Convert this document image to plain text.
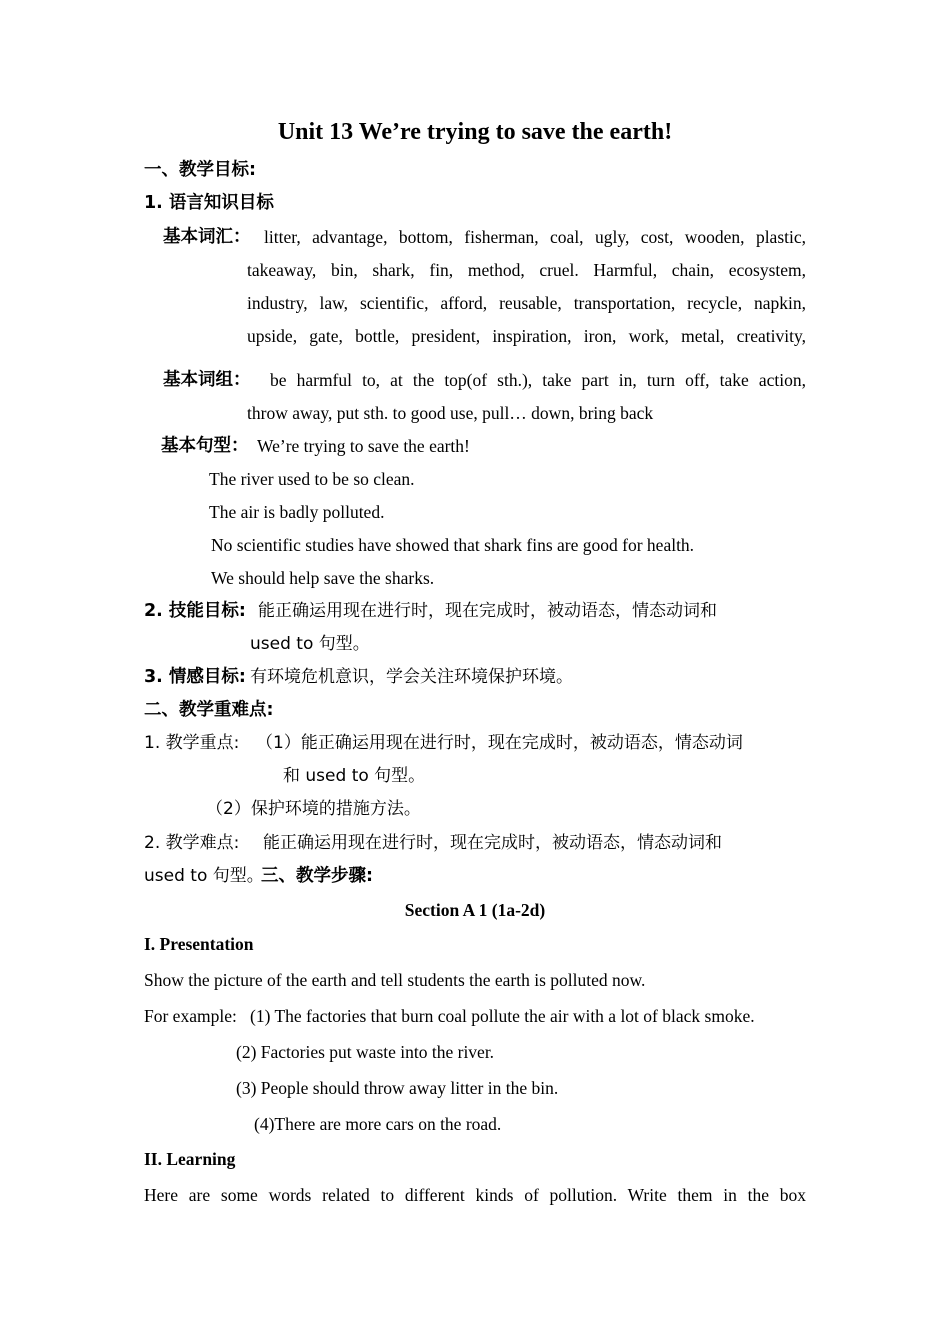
Unit 13 We’re trying to save the earth!
一、教学目标:
1. 语言知识目标
基本词汇： litter, advantage, bottom, fisherman, coal, ugly, cost, wooden, plastic,
takeaway, bin, shark, fin, method, cruel. Harmful, chain, ecosystem,
industry, law, scientific, afford, reusable, transportation, recycle, napkin,
upside, gate, bottle, president, inspiration, iron, work, metal, creativity,
基本词组： be harmful to, at the top(of sth.), take part in, turn off, take action,
throw away, put sth. to good use, pull… down, bring back
基本句型： We’re trying to save the earth!
The river used to be so clean.
The air is badly polluted.
No scientific studies have showed that shark fins are good for health.
We should help save the sharks.
2. 技能目标: 能正确运用现在进行时，现在完成时，被动语态，情态动词和
used to 句型。
3. 情感目标: 有环境危机意识，学会关注环境保护环境。
二、教学重难点:
1. 教学重点: （1）能正确运用现在进行时，现在完成时，被动语态，情态动词
和 used to 句型。
（2）保护环境的措施方法。
2. 教学难点: 能正确运用现在进行时，现在完成时，被动语态，情态动词和
used to 句型。
三、教学步骤:
Section A 1 (1a-2d)
I. Presentation
Show the picture of the earth and tell students the earth is polluted now.
For example: (1) The factories that burn coal pollute the air with a lot of black smoke.
(2) Factories put waste into the river.
(3) People should throw away litter in the bin.
(4)There are more cars on the road.
II. Learning
Here are some words related to different kinds of pollution. Write them in the box
